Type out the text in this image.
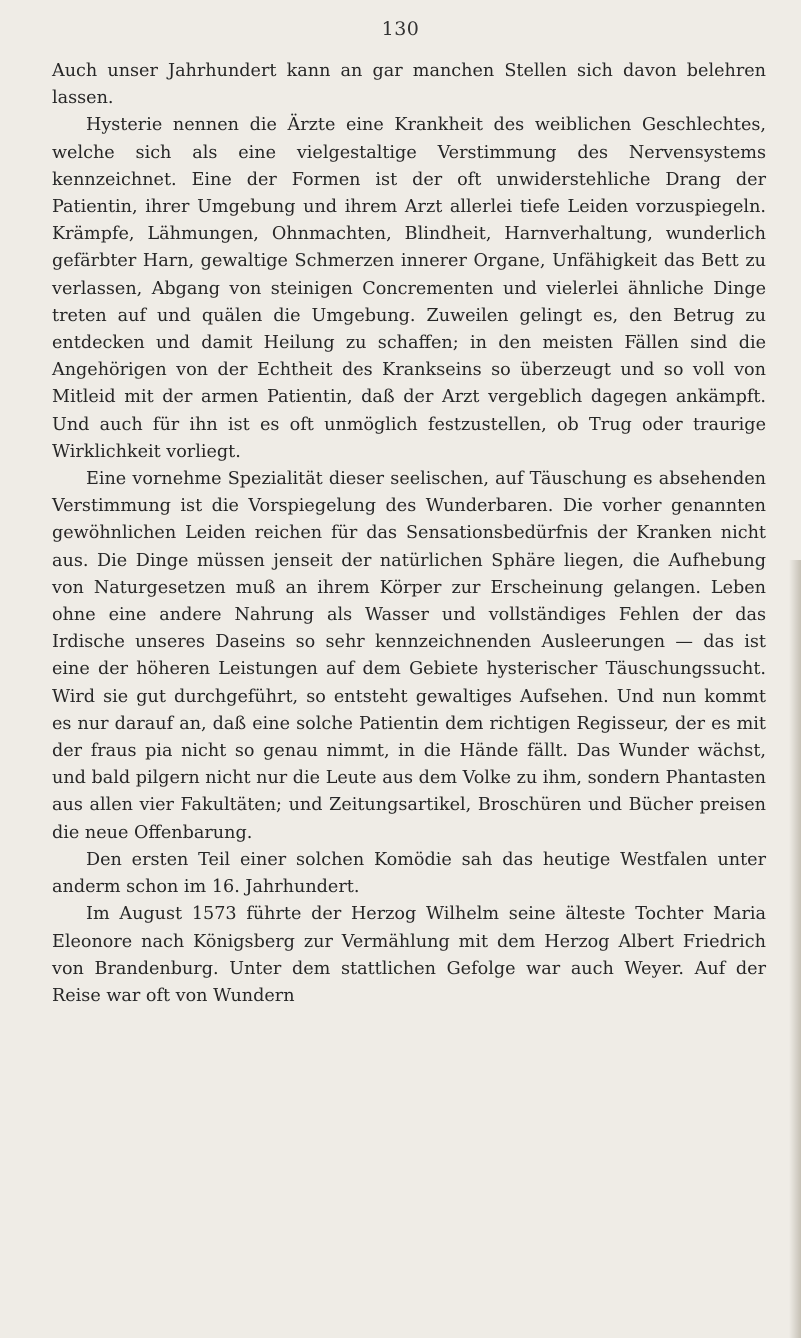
130

Auch unser Jahrhundert kann an gar manchen Stellen sich davon belehren lassen.

Hysterie nennen die Ärzte eine Krankheit des weiblichen Geschlechtes, welche sich als eine vielgestaltige Verstimmung des Nervensystems kennzeichnet. Eine der Formen ist der oft unwiderstehliche Drang der Patientin, ihrer Umgebung und ihrem Arzt allerlei tiefe Leiden vorzuspiegeln. Krämpfe, Lähmungen, Ohnmachten, Blindheit, Harnverhaltung, wunderlich gefärbter Harn, gewaltige Schmerzen innerer Organe, Unfähigkeit das Bett zu verlassen, Abgang von steinigen Concrementen und vielerlei ähnliche Dinge treten auf und quälen die Umgebung. Zuweilen gelingt es, den Betrug zu entdecken und damit Heilung zu schaffen; in den meisten Fällen sind die Angehörigen von der Echtheit des Krankseins so überzeugt und so voll von Mitleid mit der armen Patientin, daß der Arzt vergeblich dagegen ankämpft. Und auch für ihn ist es oft unmöglich festzustellen, ob Trug oder traurige Wirklichkeit vorliegt.

Eine vornehme Spezialität dieser seelischen, auf Täuschung es absehenden Verstimmung ist die Vorspiegelung des Wunderbaren. Die vorher genannten gewöhnlichen Leiden reichen für das Sensationsbedürfnis der Kranken nicht aus. Die Dinge müssen jenseit der natürlichen Sphäre liegen, die Aufhebung von Naturgesetzen muß an ihrem Körper zur Erscheinung gelangen. Leben ohne eine andere Nahrung als Wasser und vollständiges Fehlen der das Irdische unseres Daseins so sehr kennzeichnenden Ausleerungen — das ist eine der höheren Leistungen auf dem Gebiete hysterischer Täuschungssucht. Wird sie gut durchgeführt, so entsteht gewaltiges Aufsehen. Und nun kommt es nur darauf an, daß eine solche Patientin dem richtigen Regisseur, der es mit der fraus pia nicht so genau nimmt, in die Hände fällt. Das Wunder wächst, und bald pilgern nicht nur die Leute aus dem Volke zu ihm, sondern Phantasten aus allen vier Fakultäten; und Zeitungsartikel, Broschüren und Bücher preisen die neue Offenbarung.

Den ersten Teil einer solchen Komödie sah das heutige Westfalen unter anderm schon im 16. Jahrhundert.

Im August 1573 führte der Herzog Wilhelm seine älteste Tochter Maria Eleonore nach Königsberg zur Vermählung mit dem Herzog Albert Friedrich von Brandenburg. Unter dem stattlichen Gefolge war auch Weyer. Auf der Reise war oft von Wundern
